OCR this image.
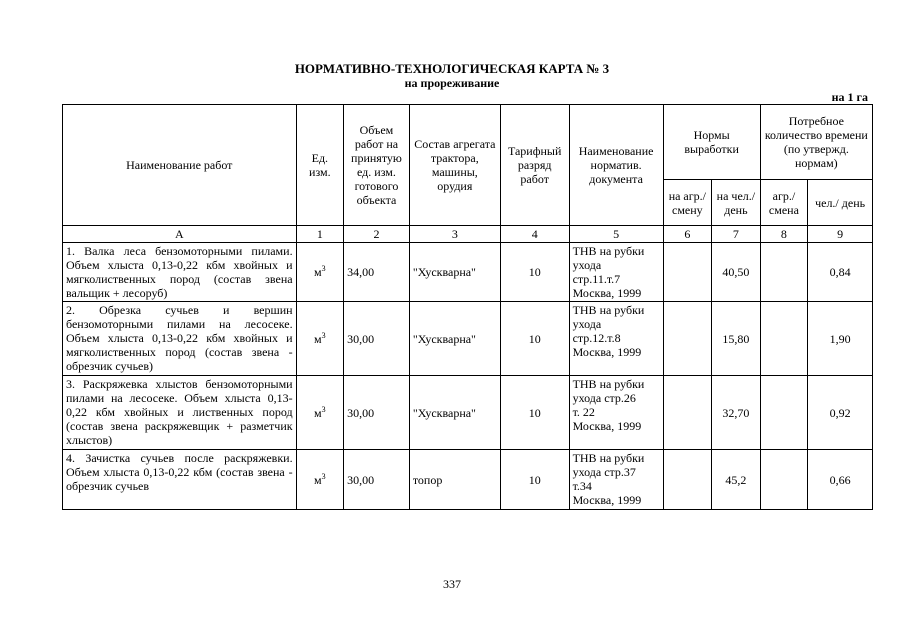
НОРМАТИВНО-ТЕХНОЛОГИЧЕСКАЯ КАРТА № 3
на прореживание
на 1 га
Наименование работ	Ед. изм.	Объем работ на принятую ед. изм. готового объекта	Состав агрегата трактора, машины, орудия	Тарифный разряд работ	Наименование норматив. документа	Нормы выработки		Потребное количество времени (по утвержд. нормам)	
						на агр./ смену	на чел./ день	агр./ смена	чел./ день
А	1	2	3	4	5	6	7	8	9
1. Валка леса бензомоторными пилами. Объем хлыста 0,13-0,22 кбм хвойных и мягколиственных пород (состав звена вальщик + лесоруб)	$м^3$	34,00	"Хускварна"	10	ТНВ на рубки
ухода
стр.11.т.7
Москва, 1999		40,50		0,84
2. Обрезка сучьев и вершин бензомоторными пилами на лесосеке. Объем хлыста 0,13-0,22 кбм хвойных и мягколиственных пород (состав звена - обрезчик сучьев)	$м^3$	30,00	"Хускварна"	10	ТНВ на рубки
ухода
стр.12.т.8
Москва, 1999		15,80		1,90
3. Раскряжевка хлыстов бензомоторными пилами на лесосеке. Объем хлыста 0,13-0,22 кбм хвойных и лиственных пород (состав звена раскряжевщик + разметчик хлыстов)	$м^3$	30,00	"Хускварна"	10	ТНВ на рубки
ухода стр.26
т. 22
Москва, 1999		32,70		0,92
4. Зачистка сучьев после раскряжевки. Объем хлыста 0,13-0,22 кбм (состав звена - обрезчик сучьев	$м^3$	30,00	топор	10	ТНВ на рубки
ухода стр.37
т.34
Москва, 1999		45,2		0,66
337
